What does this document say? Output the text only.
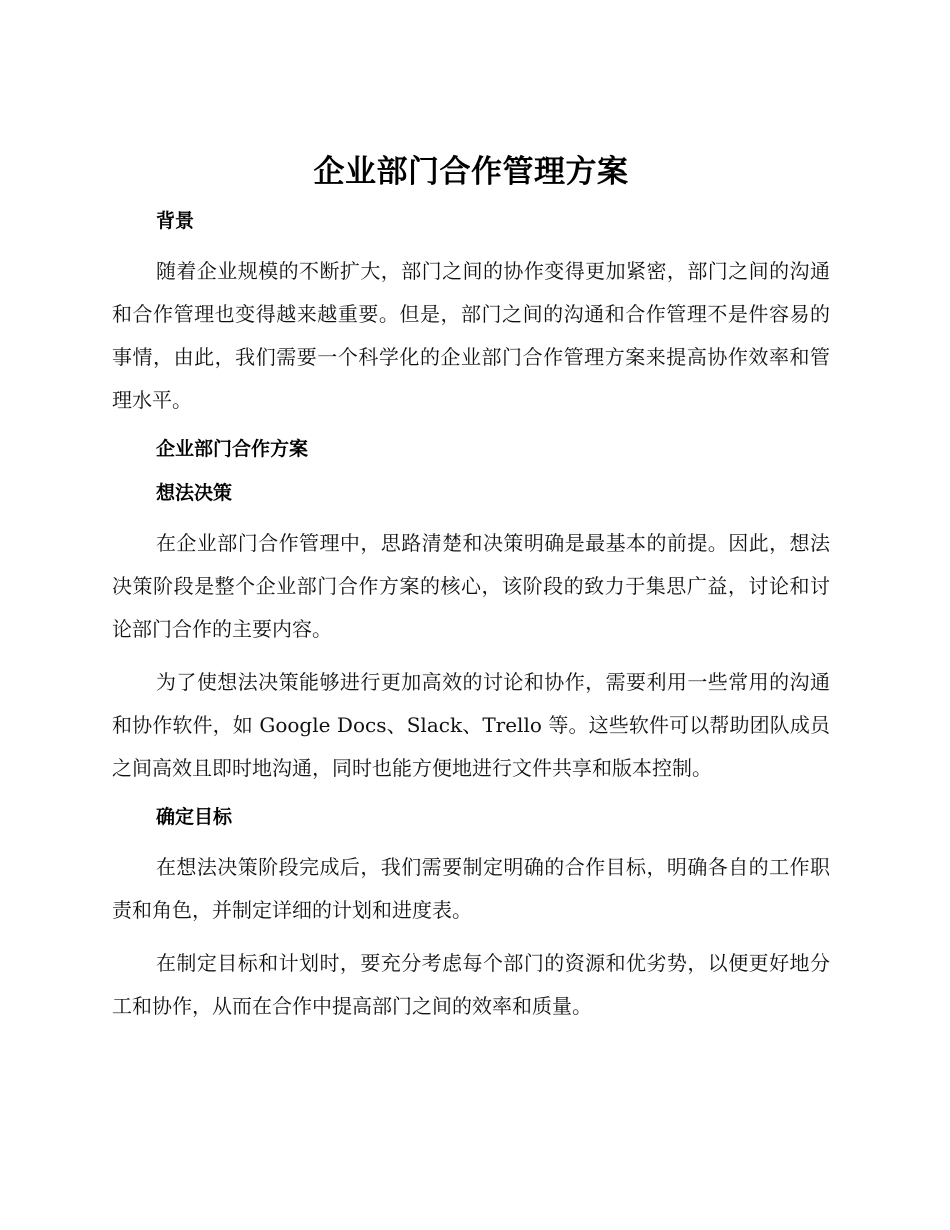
企业部门合作管理方案
背景

随着企业规模的不断扩大，部门之间的协作变得更加紧密，部门之间的沟通和合作管理也变得越来越重要。但是，部门之间的沟通和合作管理不是件容易的事情，由此，我们需要一个科学化的企业部门合作管理方案来提高协作效率和管理水平。

企业部门合作方案
想法决策

在企业部门合作管理中，思路清楚和决策明确是最基本的前提。因此，想法决策阶段是整个企业部门合作方案的核心，该阶段的致力于集思广益，讨论和讨论部门合作的主要内容。

为了使想法决策能够进行更加高效的讨论和协作，需要利用一些常用的沟通和协作软件，如 Google Docs、Slack、Trello 等。这些软件可以帮助团队成员之间高效且即时地沟通，同时也能方便地进行文件共享和版本控制。

确定目标

在想法决策阶段完成后，我们需要制定明确的合作目标，明确各自的工作职责和角色，并制定详细的计划和进度表。

在制定目标和计划时，要充分考虑每个部门的资源和优劣势，以便更好地分工和协作，从而在合作中提高部门之间的效率和质量。
